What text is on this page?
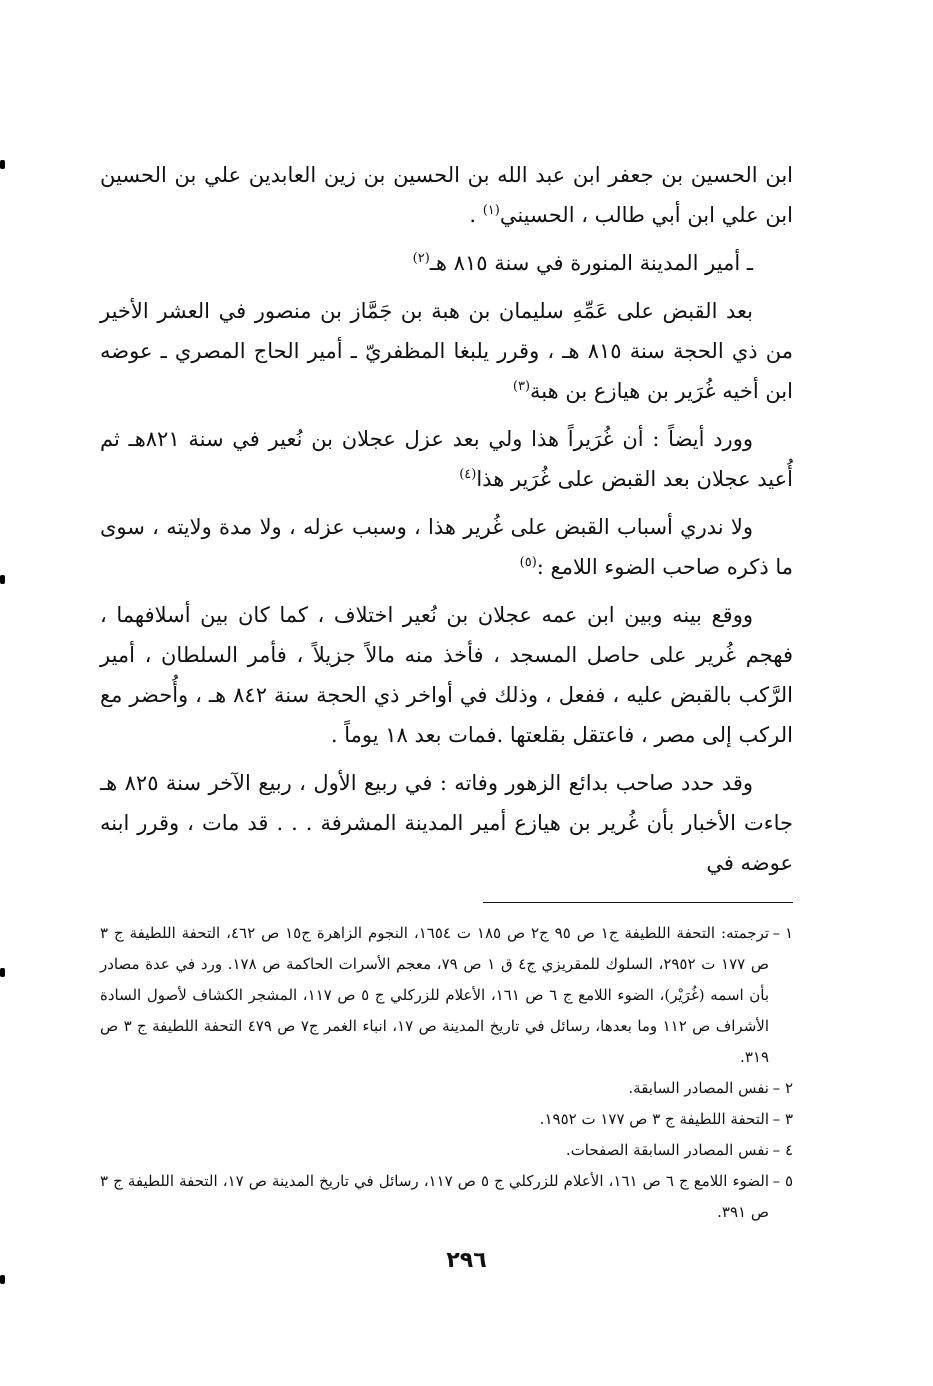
ابن الحسين بن جعفر ابن عبد الله بن الحسين بن زين العابدين علي بن الحسين ابن علي ابن أبي طالب ، الحسيني$^{(١)}$ .

ـ أمير المدينة المنورة في سنة ٨١٥ هـ$^{(٢)}$

بعد القبض على عَمِّهِ سليمان بن هبة بن جَمَّاز بن منصور في العشر الأخير من ذي الحجة سنة ٨١٥ هـ ، وقرر يلبغا المظفريّ ـ أمير الحاج المصري ـ عوضه ابن أخيه غُرَير بن هيازع بن هبة$^{(٣)}$

وورد أيضاً : أن غُرَيراً هذا ولي بعد عزل عجلان بن نُعير في سنة ٨٢١هـ ثم أُعيد عجلان بعد القبض على غُرَير هذا$^{(٤)}$

ولا ندري أسباب القبض على غُرير هذا ، وسبب عزله ، ولا مدة ولايته ، سوى ما ذكره صاحب الضوء اللامع :$^{(٥)}$

ووقع بينه وبين ابن عمه عجلان بن نُعير اختلاف ، كما كان بين أسلافهما ، فهجم غُرير على حاصل المسجد ، فأخذ منه مالاً جزيلاً ، فأمر السلطان ، أمير الرَّكب بالقبض عليه ، ففعل ، وذلك في أواخر ذي الحجة سنة ٨٤٢ هـ ، وأُحضر مع الركب إلى مصر ، فاعتقل بقلعتها .فمات بعد ١٨ يوماً .

وقد حدد صاحب بدائع الزهور وفاته : في ربيع الأول ، ربيع الآخر سنة ٨٢٥ هـ جاءت الأخبار بأن غُرير بن هيازع أمير المدينة المشرفة . . . قد مات ، وقرر ابنه عوضه في

١ –
ترجمته: التحفة اللطيفة ج١ ص ٩٥ ج٢ ص ١٨٥ ت ١٦٥٤، النجوم الزاهرة ج١٥ ص ٤٦٢، التحفة اللطيفة ج ٣ ص ١٧٧ ت ٢٩٥٢، السلوك للمقريزي ج٤ ق ١ ص ٧٩، معجم الأسرات الحاكمة ص ١٧٨. ورد في عدة مصادر بأن اسمه (غُرَيْر)، الضوء اللامع ج ٦ ص ١٦١، الأعلام للزركلي ج ٥ ص ١١٧، المشجر الكشاف لأصول السادة الأشراف ص ١١٢ وما بعدها، رسائل في تاريخ المدينة ص ١٧، انباء الغمر ج٧ ص ٤٧٩ التحفة اللطيفة ج ٣ ص ٣١٩.
٢ –
نفس المصادر السابقة.
٣ –
التحفة اللطيفة ج ٣ ص ١٧٧ ت ١٩٥٢.
٤ –
نفس المصادر السابقة الصفحات.
٥ –
الضوء اللامع ج ٦ ص ١٦١، الأعلام للزركلي ج ٥ ص ١١٧، رسائل في تاريخ المدينة ص ١٧، التحفة اللطيفة ج ٣ ص ٣٩١.
٢٩٦
